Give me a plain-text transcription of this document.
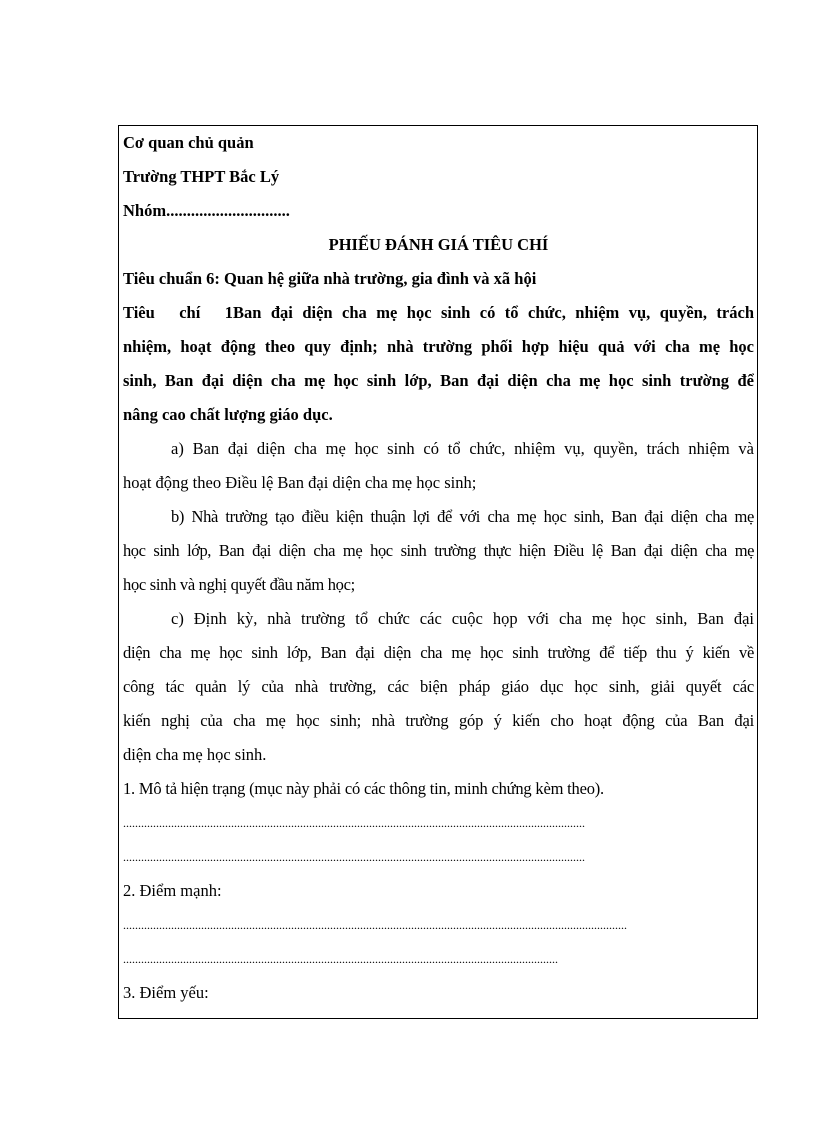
Cơ quan chủ quản
Trường THPT Bắc Lý
Nhóm..............................
PHIẾU ĐÁNH GIÁ TIÊU CHÍ
Tiêu chuẩn 6: Quan hệ giữa nhà trường, gia đình và xã hội
Tiêu chí 1Ban đại diện cha mẹ học sinh có tổ chức, nhiệm vụ, quyền, trách
nhiệm, hoạt động theo quy định; nhà trường phối hợp hiệu quả với cha mẹ học
sinh, Ban đại diện cha mẹ học sinh lớp, Ban đại diện cha mẹ học sinh trường để
nâng cao chất lượng giáo dục.
a) Ban đại diện cha mẹ học sinh có tổ chức, nhiệm vụ, quyền, trách nhiệm và
hoạt động theo Điều lệ Ban đại diện cha mẹ học sinh;
b) Nhà trường tạo điều kiện thuận lợi để với cha mẹ học sinh, Ban đại diện cha mẹ
học sinh lớp, Ban đại diện cha mẹ học sinh trường thực hiện Điều lệ Ban đại diện cha mẹ
học sinh và nghị quyết đầu năm học;
c) Định kỳ, nhà trường tổ chức các cuộc họp với cha mẹ học sinh, Ban đại
diện cha mẹ học sinh lớp, Ban đại diện cha mẹ học sinh trường để tiếp thu ý kiến về
công tác quản lý của nhà trường, các biện pháp giáo dục học sinh, giải quyết các
kiến nghị của cha mẹ học sinh; nhà trường góp ý kiến cho hoạt động của Ban đại
diện cha mẹ học sinh.
1. Mô tả hiện trạng (mục này phải có các thông tin, minh chứng kèm theo).
..........................................................................................................................................................
..........................................................................................................................................................
2. Điểm mạnh:
........................................................................................................................................................................
.................................................................................................................................................
3. Điểm yếu:
